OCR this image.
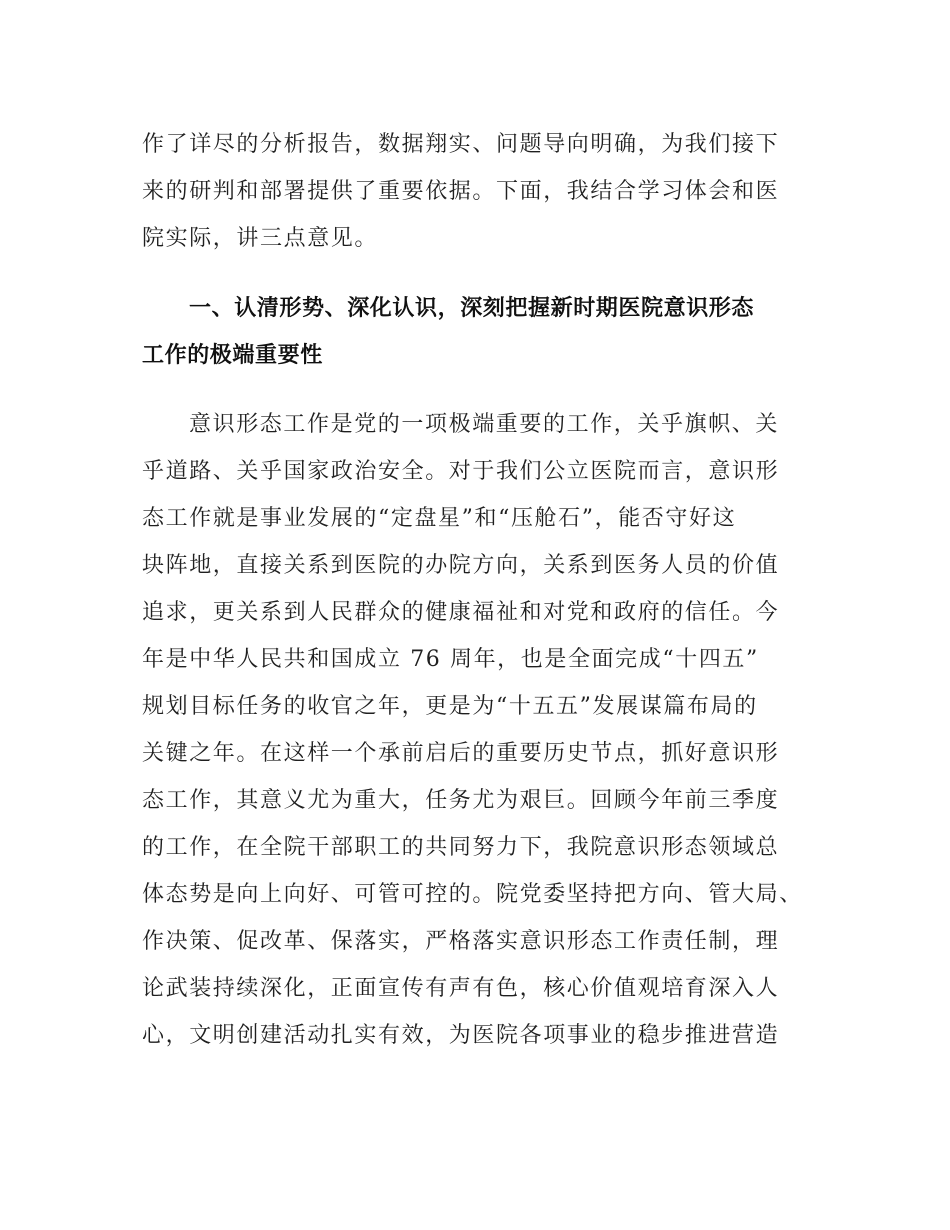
作了详尽的分析报告，数据翔实、问题导向明确，为我们接下
来的研判和部署提供了重要依据。下面，我结合学习体会和医
院实际，讲三点意见。
一、认清形势、深化认识，深刻把握新时期医院意识形态
工作的极端重要性
意识形态工作是党的一项极端重要的工作，关乎旗帜、关
乎道路、关乎国家政治安全。对于我们公立医院而言，意识形
态工作就是事业发展的“定盘星”和“压舱石”，能否守好这
块阵地，直接关系到医院的办院方向，关系到医务人员的价值
追求，更关系到人民群众的健康福祉和对党和政府的信任。今
年是中华人民共和国成立 76 周年，也是全面完成“十四五”
规划目标任务的收官之年，更是为“十五五”发展谋篇布局的
关键之年。在这样一个承前启后的重要历史节点，抓好意识形
态工作，其意义尤为重大，任务尤为艰巨。回顾今年前三季度
的工作，在全院干部职工的共同努力下，我院意识形态领域总
体态势是向上向好、可管可控的。院党委坚持把方向、管大局、
作决策、促改革、保落实，严格落实意识形态工作责任制，理
论武装持续深化，正面宣传有声有色，核心价值观培育深入人
心，文明创建活动扎实有效，为医院各项事业的稳步推进营造
